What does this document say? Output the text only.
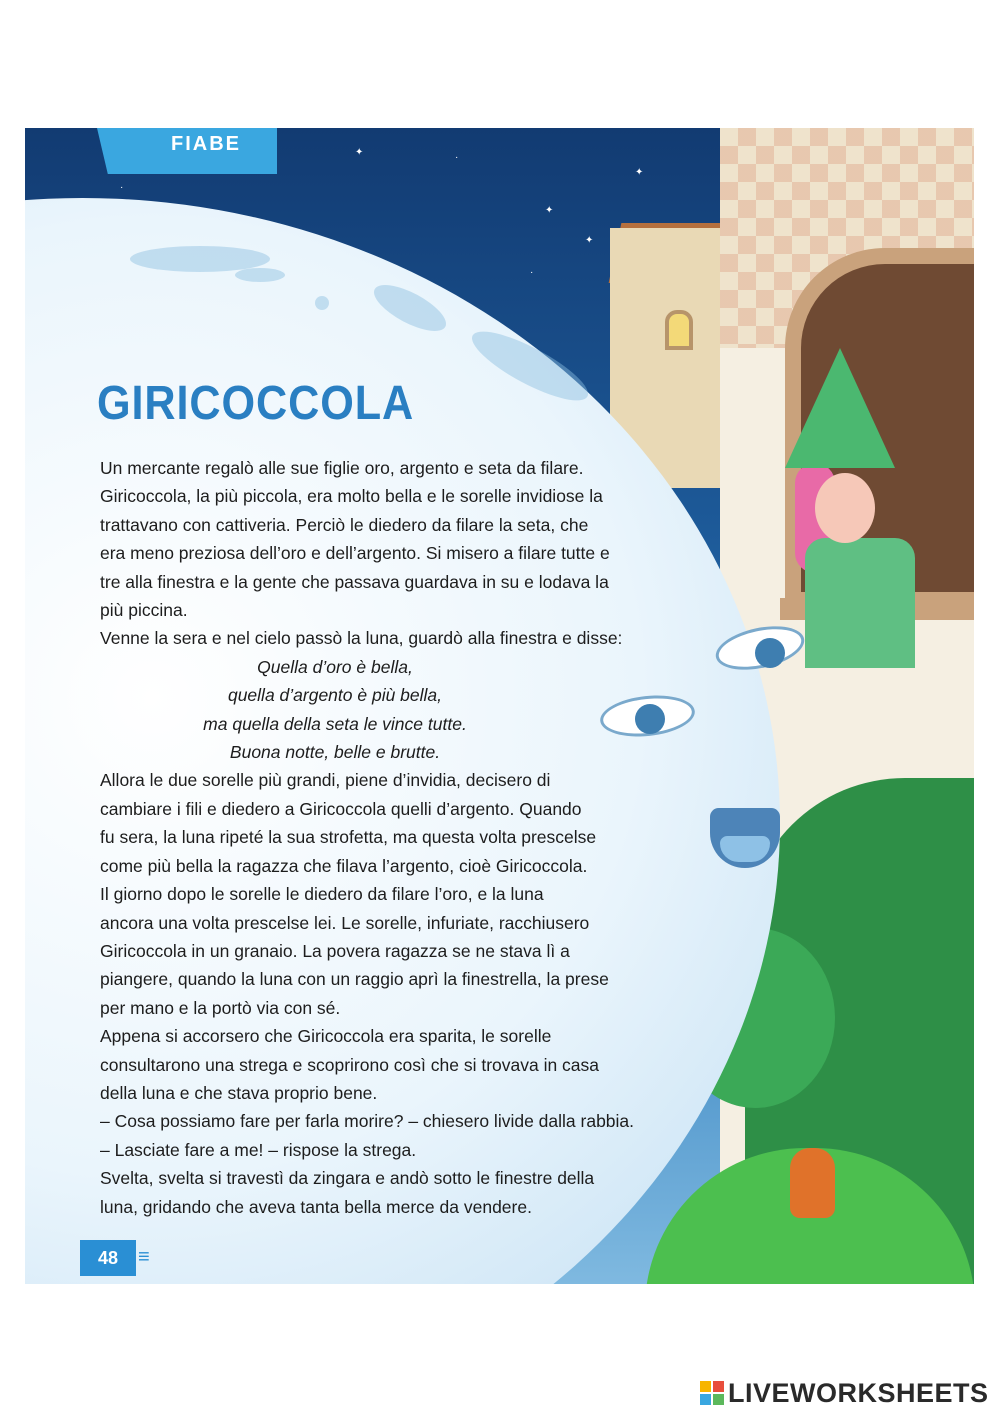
✦	·
✦
✦
✦
·
·
FIABE
GIRICOCCOLA

Un mercante regalò alle sue figlie oro, argento e seta da filare.

Giricoccola, la più piccola, era molto bella e le sorelle invidiose la

trattavano con cattiveria. Perciò le diedero da filare la seta, che

era meno preziosa dell’oro e dell’argento. Si misero a filare tutte e

tre alla finestra e la gente che passava guardava in su e lodava la

più piccina.

Venne la sera e nel cielo passò la luna, guardò alla finestra e disse:

Quella d’oro è bella,

quella d’argento è più bella,

ma quella della seta le vince tutte.

Buona notte, belle e brutte.

Allora le due sorelle più grandi, piene d’invidia, decisero di

cambiare i fili e diedero a Giricoccola quelli d’argento. Quando

fu sera, la luna ripeté la sua strofetta, ma questa volta prescelse

come più bella la ragazza che filava l’argento, cioè Giricoccola.

Il giorno dopo le sorelle le diedero da filare l’oro, e la luna

ancora una volta prescelse lei. Le sorelle, infuriate, racchiusero

Giricoccola in un granaio. La povera ragazza se ne stava lì a

piangere, quando la luna con un raggio aprì la finestrella, la prese

per mano e la portò via con sé.

Appena si accorsero che Giricoccola era sparita, le sorelle

consultarono una strega e scoprirono così che si trovava in casa

della luna e che stava proprio bene.

– Cosa possiamo fare per farla morire? – chiesero livide dalla rabbia.

– Lasciate fare a me! – rispose la strega.

Svelta, svelta si travestì da zingara e andò sotto le finestre della

luna, gridando che aveva tanta bella merce da vendere.

48 ≡
LIVEWORKSHEETS
